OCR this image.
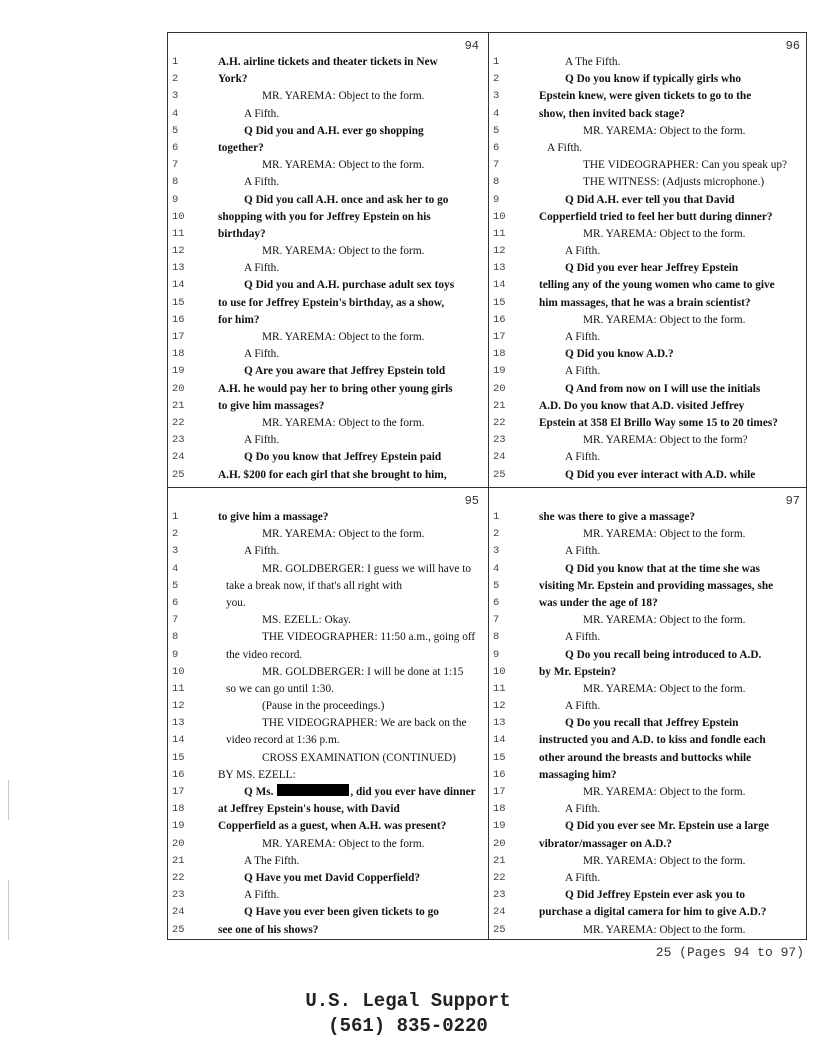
94
1	A.H. airline tickets and theater tickets in New
2	York?
3	MR. YAREMA: Object to the form.
4	A Fifth.
5	Q Did you and A.H. ever go shopping
6	together?
7	MR. YAREMA: Object to the form.
8	A Fifth.
9	Q Did you call A.H. once and ask her to go
10	shopping with you for Jeffrey Epstein on his
11	birthday?
12	MR. YAREMA: Object to the form.
13	A Fifth.
14	Q Did you and A.H. purchase adult sex toys
15	to use for Jeffrey Epstein's birthday, as a show,
16	for him?
17	MR. YAREMA: Object to the form.
18	A Fifth.
19	Q Are you aware that Jeffrey Epstein told
20	A.H. he would pay her to bring other young girls
21	to give him massages?
22	MR. YAREMA: Object to the form.
23	A Fifth.
24	Q Do you know that Jeffrey Epstein paid
25	A.H. $200 for each girl that she brought to him,
96
1	A The Fifth.
2	Q Do you know if typically girls who
3	Epstein knew, were given tickets to go to the
4	show, then invited back stage?
5	MR. YAREMA: Object to the form.
6	A Fifth.
7	THE VIDEOGRAPHER: Can you speak up?
8	THE WITNESS: (Adjusts microphone.)
9	Q Did A.H. ever tell you that David
10	Copperfield tried to feel her butt during dinner?
11	MR. YAREMA: Object to the form.
12	A Fifth.
13	Q Did you ever hear Jeffrey Epstein
14	telling any of the young women who came to give
15	him massages, that he was a brain scientist?
16	MR. YAREMA: Object to the form.
17	A Fifth.
18	Q Did you know A.D.?
19	A Fifth.
20	Q And from now on I will use the initials
21	A.D. Do you know that A.D. visited Jeffrey
22	Epstein at 358 El Brillo Way some 15 to 20 times?
23	MR. YAREMA: Object to the form?
24	A Fifth.
25	Q Did you ever interact with A.D. while
95
1	to give him a massage?
2	MR. YAREMA: Object to the form.
3	A Fifth.
4	MR. GOLDBERGER: I guess we will have to
5	take a break now, if that's all right with
6	you.
7	MS. EZELL: Okay.
8	THE VIDEOGRAPHER: 11:50 a.m., going off
9	the video record.
10	MR. GOLDBERGER: I will be done at 1:15
11	so we can go until 1:30.
12	(Pause in the proceedings.)
13	THE VIDEOGRAPHER: We are back on the
14	video record at 1:36 p.m.
15	CROSS EXAMINATION (CONTINUED)
16	BY MS. EZELL:
17	Q Ms.	, did you ever have dinner
18	at Jeffrey Epstein's house, with David
19	Copperfield as a guest, when A.H. was present?
20	MR. YAREMA: Object to the form.
21	A The Fifth.
22	Q Have you met David Copperfield?
23	A Fifth.
24	Q Have you ever been given tickets to go
25	see one of his shows?
97
1	she was there to give a massage?
2	MR. YAREMA: Object to the form.
3	A Fifth.
4	Q Did you know that at the time she was
5	visiting Mr. Epstein and providing massages, she
6	was under the age of 18?
7	MR. YAREMA: Object to the form.
8	A Fifth.
9	Q Do you recall being introduced to A.D.
10	by Mr. Epstein?
11	MR. YAREMA: Object to the form.
12	A Fifth.
13	Q Do you recall that Jeffrey Epstein
14	instructed you and A.D. to kiss and fondle each
15	other around the breasts and buttocks while
16	massaging him?
17	MR. YAREMA: Object to the form.
18	A Fifth.
19	Q Did you ever see Mr. Epstein use a large
20	vibrator/massager on A.D.?
21	MR. YAREMA: Object to the form.
22	A Fifth.
23	Q Did Jeffrey Epstein ever ask you to
24	purchase a digital camera for him to give A.D.?
25	MR. YAREMA: Object to the form.
25 (Pages 94 to 97)
U.S. Legal Support
(561) 835-0220
